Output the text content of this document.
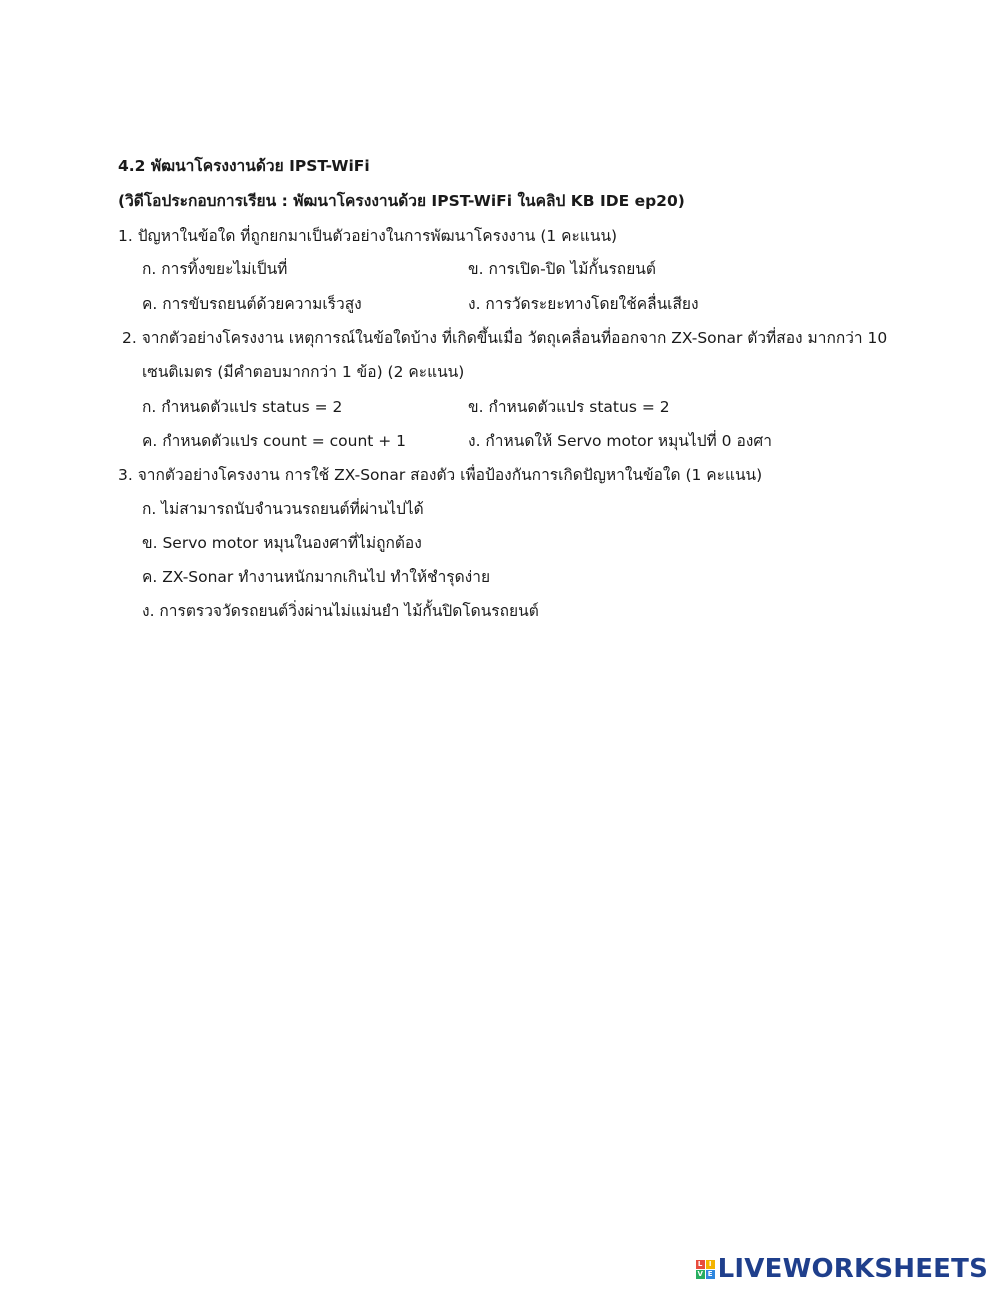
4.2 พัฒนาโครงงานด้วย IPST-WiFi
(วิดีโอประกอบการเรียน : พัฒนาโครงงานด้วย IPST-WiFi ในคลิป KB IDE ep20)
1. ปัญหาในข้อใด ที่ถูกยกมาเป็นตัวอย่างในการพัฒนาโครงงาน (1 คะแนน)
ก. การทิ้งขยะไม่เป็นที่	ข. การเปิด-ปิด ไม้กั้นรถยนต์
ค. การขับรถยนต์ด้วยความเร็วสูง	ง. การวัดระยะทางโดยใช้คลื่นเสียง
2. จากตัวอย่างโครงงาน เหตุการณ์ในข้อใดบ้าง ที่เกิดขึ้นเมื่อ วัตถุเคลื่อนที่ออกจาก ZX-Sonar ตัวที่สอง มากกว่า 10
เซนติเมตร (มีคำตอบมากกว่า 1 ข้อ) (2 คะแนน)
ก. กำหนดตัวแปร status = 2	ข. กำหนดตัวแปร status = 2
ค. กำหนดตัวแปร count = count + 1	ง. กำหนดให้ Servo motor หมุนไปที่ 0 องศา
3. จากตัวอย่างโครงงาน การใช้ ZX-Sonar สองตัว เพื่อป้องกันการเกิดปัญหาในข้อใด (1 คะแนน)
ก. ไม่สามารถนับจำนวนรถยนต์ที่ผ่านไปได้
ข. Servo motor หมุนในองศาที่ไม่ถูกต้อง
ค. ZX-Sonar ทำงานหนักมากเกินไป ทำให้ชำรุดง่าย
ง. การตรวจวัดรถยนต์วิ่งผ่านไม่แม่นยำ ไม้กั้นปิดโดนรถยนต์
L I
V E LIVEWORKSHEETS
